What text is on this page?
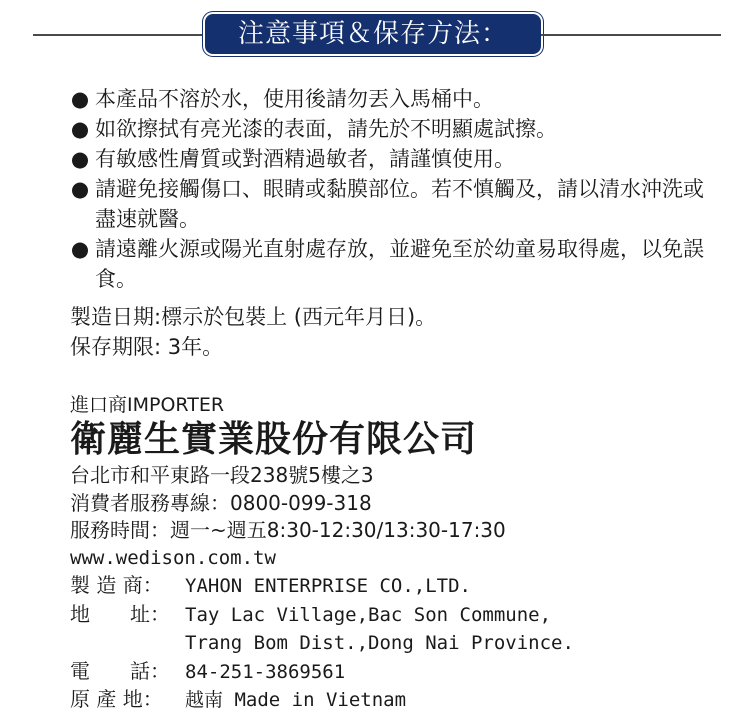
注意事項＆保存方法：
● 本產品不溶於水，使用後請勿丟入馬桶中。
● 如欲擦拭有亮光漆的表面，請先於不明顯處試擦。
● 有敏感性膚質或對酒精過敏者，請謹慎使用。
● 請避免接觸傷口、眼睛或黏膜部位。若不慎觸及，請以清水沖洗或盡速就醫。
● 請遠離火源或陽光直射處存放，並避免至於幼童易取得處，以免誤食。
製造日期:標示於包裝上 (西元年月日)。
保存期限: 3年。
進口商IMPORTER
衛麗生實業股份有限公司
台北市和平東路一段238號5樓之3
消費者服務專線：0800-099-318
服務時間：週一~週五8:30-12:30/13:30-17:30
www.wedison.com.tw
製 造 商： YAHON ENTERPRISE CO.,LTD.
地　　址： Tay Lac Village,Bac Son Commune,
Trang Bom Dist.,Dong Nai Province.
電　　話： 84-251-3869561
原 產 地： 越南 Made in Vietnam
